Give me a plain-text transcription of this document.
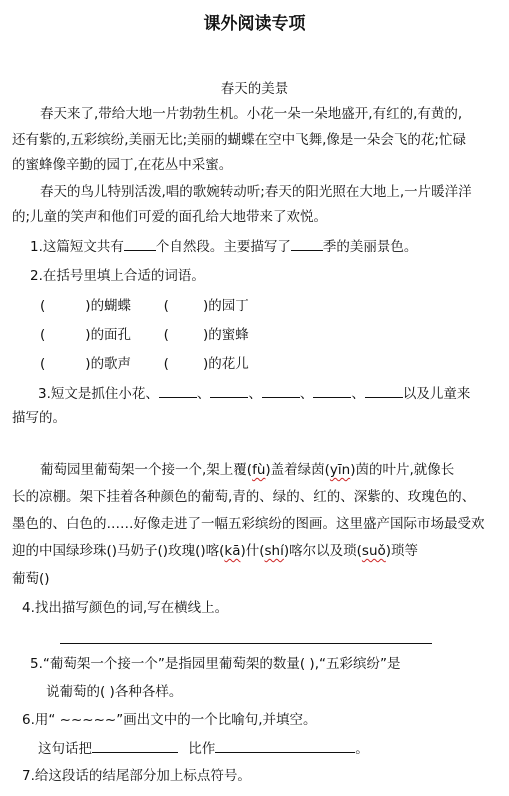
课外阅读专项
春天的美景
春天来了,带给大地一片勃勃生机。小花一朵一朵地盛开,有红的,有黄的,
还有紫的,五彩缤纷,美丽无比;美丽的蝴蝶在空中飞舞,像是一朵会飞的花;忙碌
的蜜蜂像辛勤的园丁,在花丛中采蜜。
春天的鸟儿特别活泼,唱的歌婉转动听;春天的阳光照在大地上,一片暖洋洋
的;儿童的笑声和他们可爱的面孔给大地带来了欢悦。
1.这篇短文共有 个自然段。主要描写了 季的美丽景色。
2.在括号里填上合适的词语。
(	)的蝴蝶 (	)的园丁
(	)的面孔 (	)的蜜蜂
(	)的歌声 (	)的花儿
3.短文是抓住小花、	、	、	、	、	以及儿童来
描写的。
葡萄园里葡萄架一个接一个,架上覆(fù)盖着绿茵(yīn)茵的叶片,就像长
长的凉棚。架下挂着各种颜色的葡萄,青的、绿的、红的、深紫的、玫瑰色的、
墨色的、白色的……好像走进了一幅五彩缤纷的图画。这里盛产国际市场最受欢
迎的中国绿珍珠()马奶子()玫瑰()喀(kā)什(shí)喀尔以及琐(suǒ)琐等
葡萄()
4.找出描写颜色的词,写在横线上。
5.“葡萄架一个接一个”是指园里葡萄架的数量( ),“五彩缤纷”是
说葡萄的( )各种各样。
6.用“ ~~~~~”画出文中的一个比喻句,并填空。
这句话把	比作	。
7.给这段话的结尾部分加上标点符号。
